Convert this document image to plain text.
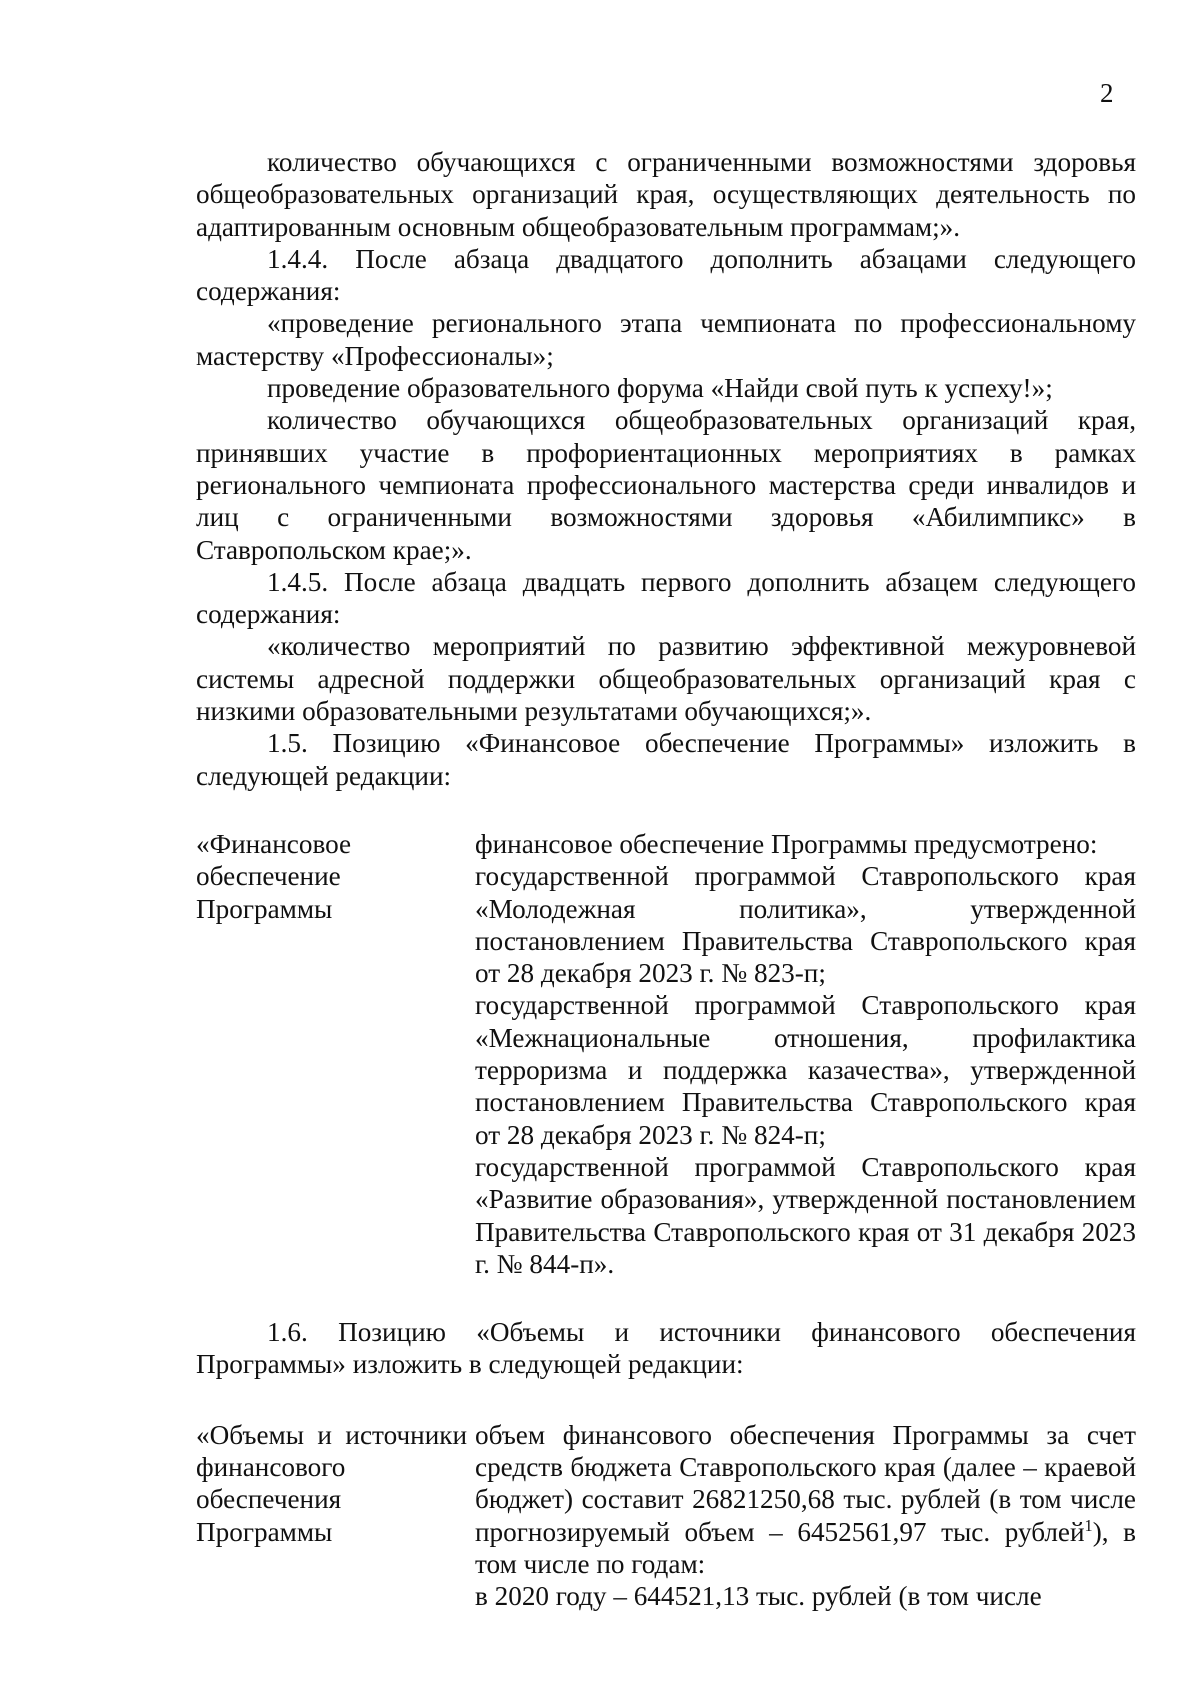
2

количество обучающихся с ограниченными возможностями здоровья общеобразовательных организаций края, осуществляющих деятельность по адаптированным основным общеобразовательным программам;».

1.4.4. После абзаца двадцатого дополнить абзацами следующего содержания:

«проведение регионального этапа чемпионата по профессиональному мастерству «Профессионалы»;

проведение образовательного форума «Найди свой путь к успеху!»;

количество обучающихся общеобразовательных организаций края, принявших участие в профориентационных мероприятиях в рамках регионального чемпионата профессионального мастерства среди инвалидов и лиц с ограниченными возможностями здоровья «Абилимпикс» в Ставропольском крае;».

1.4.5. После абзаца двадцать первого дополнить абзацем следующего содержания:

«количество мероприятий по развитию эффективной межуровневой системы адресной поддержки общеобразовательных организаций края с низкими образовательными результатами обучающихся;».

1.5. Позицию «Финансовое обеспечение Программы» изложить в следующей редакции:

«Финансовое обеспечение Программы

финансовое обеспечение Программы предусмотрено:

государственной программой Ставропольского края «Молодежная политика», утвержденной постановлением Правительства Ставропольского края от 28 декабря 2023 г. № 823-п;

государственной программой Ставропольского края «Межнациональные отношения, профилактика терроризма и поддержка казачества», утвержденной постановлением Правительства Ставропольского края от 28 декабря 2023 г. № 824-п;

государственной программой Ставропольского края «Развитие образования», утвержденной постановлением Правительства Ставропольского края от 31 декабря 2023 г. № 844-п».

1.6. Позицию «Объемы и источники финансового обеспечения Программы» изложить в следующей редакции:

«Объемы и источники финансового обеспечения Программы

объем финансового обеспечения Программы за счет средств бюджета Ставропольского края (далее – краевой бюджет) составит 26821250,68 тыс. рублей (в том числе прогнозируемый объем – 6452561,97 тыс. рублей$^1$), в том числе по годам:

в 2020 году – 644521,13 тыс. рублей (в том числе
